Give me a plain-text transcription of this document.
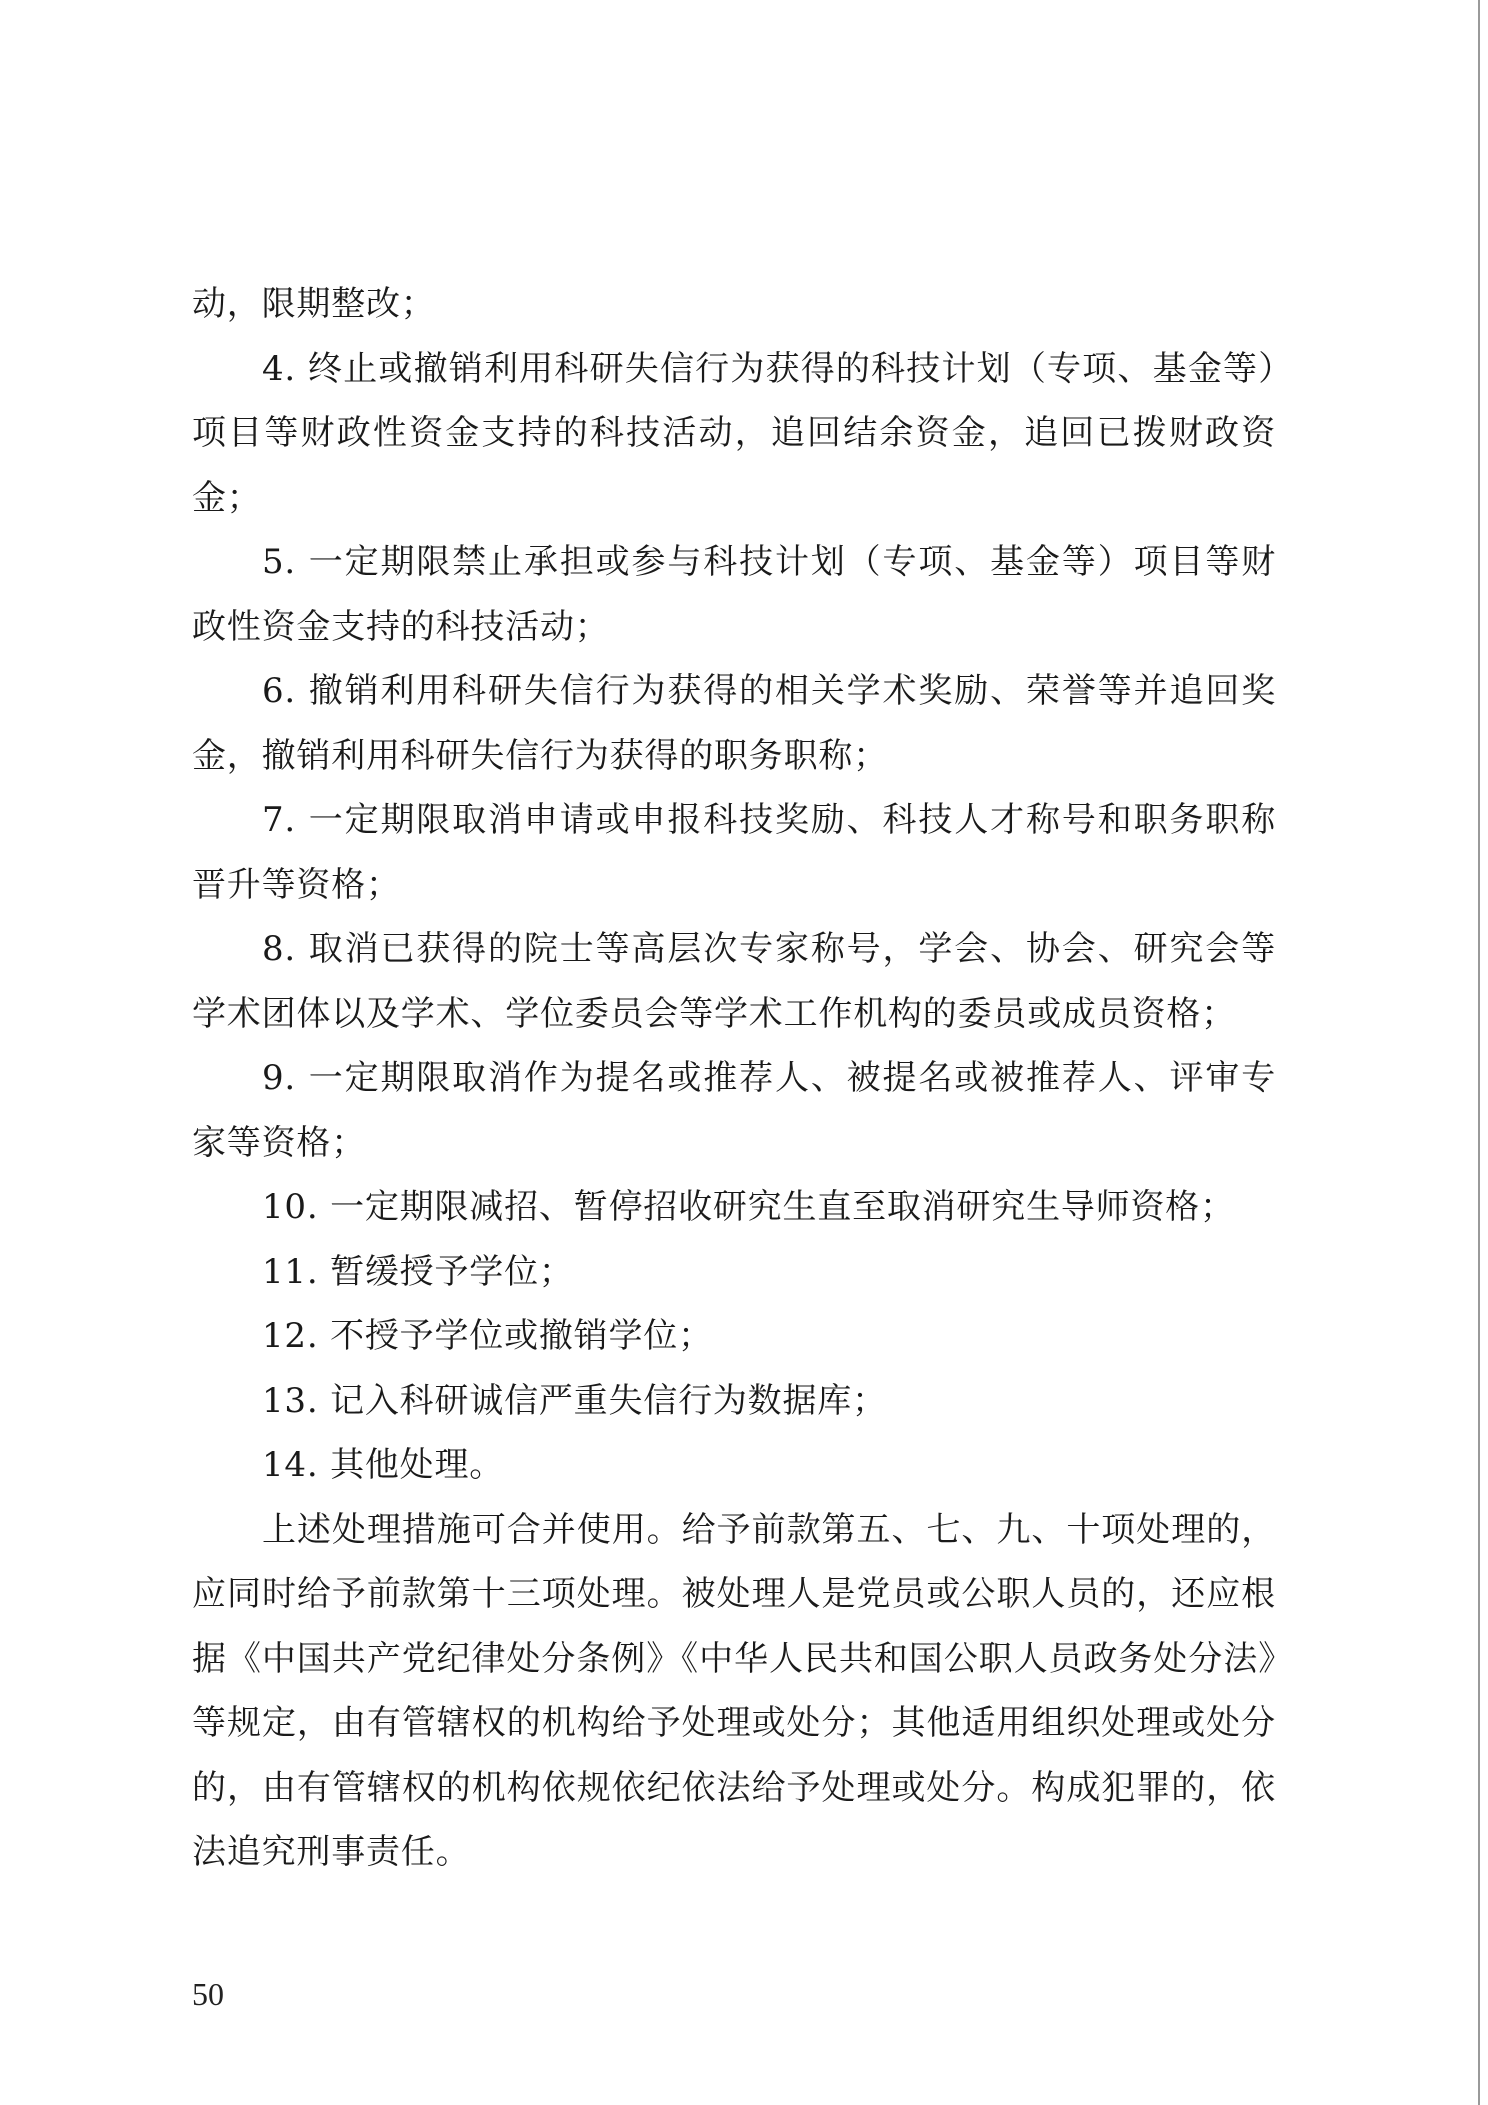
动，限期整改；

4. 终止或撤销利用科研失信行为获得的科技计划（专项、基金等）项目等财政性资金支持的科技活动，追回结余资金，追回已拨财政资金；

5. 一定期限禁止承担或参与科技计划（专项、基金等）项目等财政性资金支持的科技活动；

6. 撤销利用科研失信行为获得的相关学术奖励、荣誉等并追回奖金，撤销利用科研失信行为获得的职务职称；

7. 一定期限取消申请或申报科技奖励、科技人才称号和职务职称晋升等资格；

8. 取消已获得的院士等高层次专家称号，学会、协会、研究会等学术团体以及学术、学位委员会等学术工作机构的委员或成员资格；

9. 一定期限取消作为提名或推荐人、被提名或被推荐人、评审专家等资格；

10. 一定期限减招、暂停招收研究生直至取消研究生导师资格；

11. 暂缓授予学位；

12. 不授予学位或撤销学位；

13. 记入科研诚信严重失信行为数据库；

14. 其他处理。

上述处理措施可合并使用。给予前款第五、七、九、十项处理的，应同时给予前款第十三项处理。被处理人是党员或公职人员的，还应根据《中国共产党纪律处分条例》《中华人民共和国公职人员政务处分法》等规定，由有管辖权的机构给予处理或处分；其他适用组织处理或处分的，由有管辖权的机构依规依纪依法给予处理或处分。构成犯罪的，依法追究刑事责任。

50
